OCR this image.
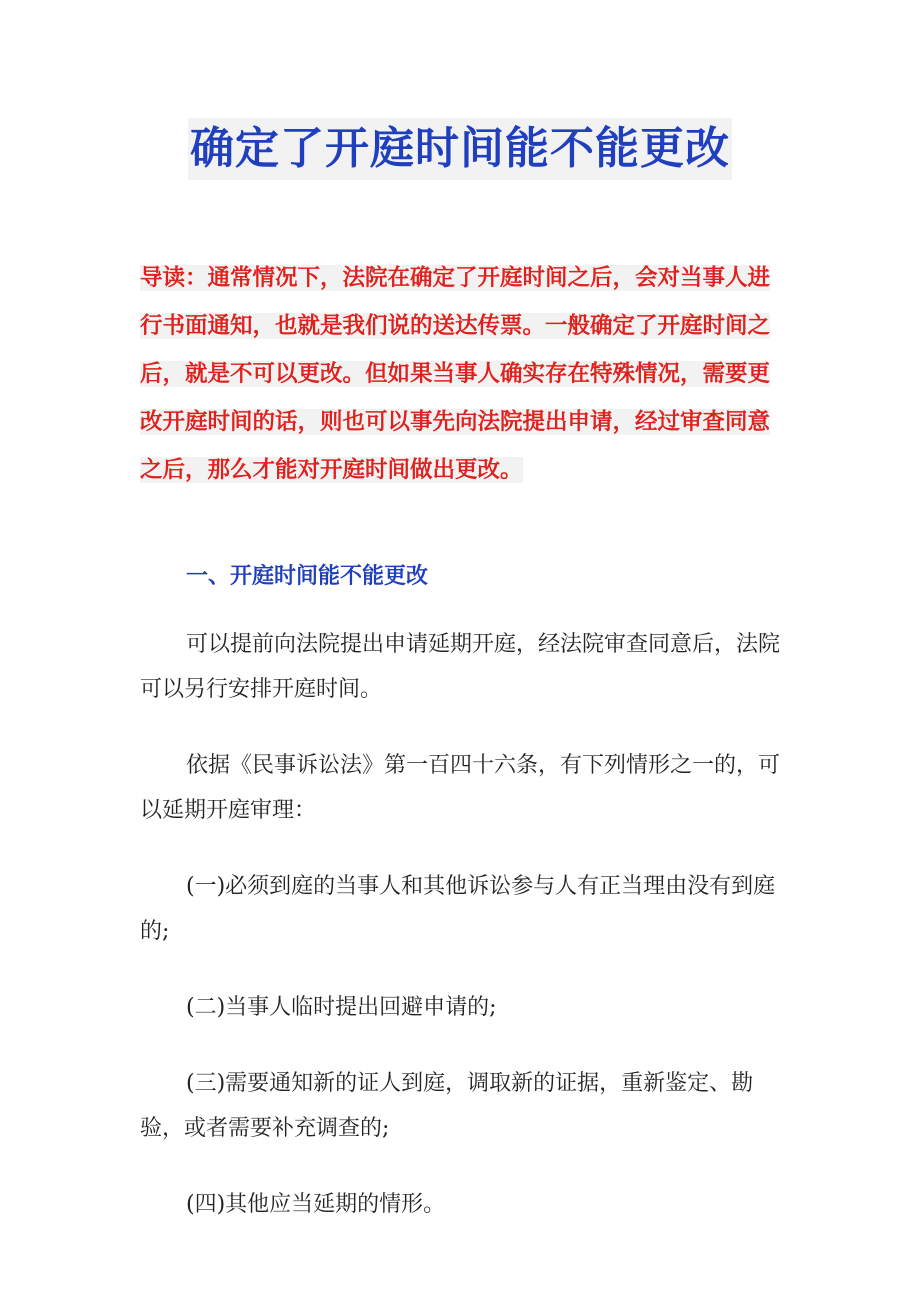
确定了开庭时间能不能更改
导读：通常情况下，法院在确定了开庭时间之后，会对当事人进行书面通知，也就是我们说的送达传票。一般确定了开庭时间之后，就是不可以更改。但如果当事人确实存在特殊情况，需要更改开庭时间的话，则也可以事先向法院提出申请，经过审查同意之后，那么才能对开庭时间做出更改。
一、开庭时间能不能更改

可以提前向法院提出申请延期开庭，经法院审查同意后，法院可以另行安排开庭时间。

依据《民事诉讼法》第一百四十六条，有下列情形之一的，可以延期开庭审理：

(一)必须到庭的当事人和其他诉讼参与人有正当理由没有到庭的;

(二)当事人临时提出回避申请的;

(三)需要通知新的证人到庭，调取新的证据，重新鉴定、勘验，或者需要补充调查的;

(四)其他应当延期的情形。
